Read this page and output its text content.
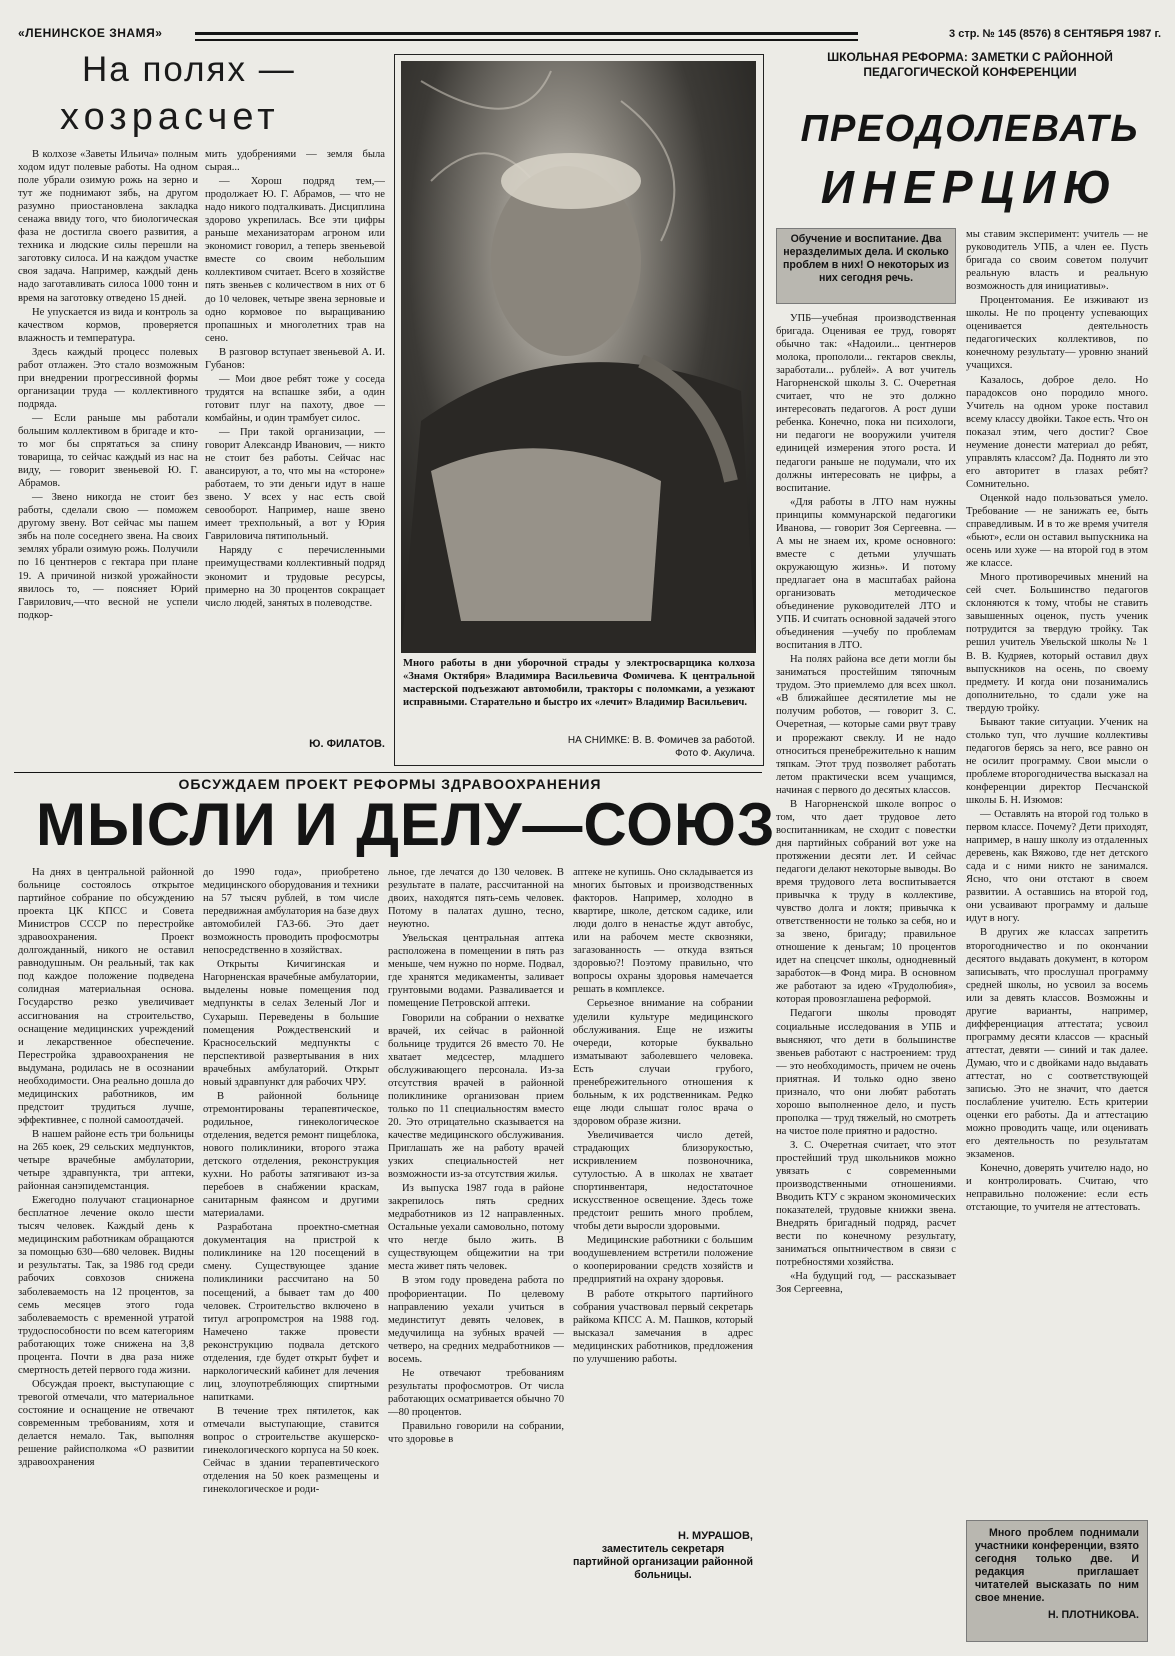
«ЛЕНИНСКОЕ ЗНАМЯ»	3 стр. № 145 (8576) 8 СЕНТЯБРЯ 1987 г.
На полях —
хозрасчет

В колхозе «Заветы Ильича» полным ходом идут полевые работы. На одном поле убрали озимую рожь на зерно и тут же поднимают зябь, на другом разумно приостановлена закладка сенажа ввиду того, что биологическая фаза не достигла своего развития, а техника и людские силы перешли на заготовку силоса. И на каждом участке своя задача. Например, каждый день надо заготавливать силоса 1000 тонн и время на заготовку отведено 15 дней.

Не упускается из вида и контроль за качеством кормов, проверяется влажность и температура.

Здесь каждый процесс полевых работ отлажен. Это стало возможным при внедрении прогрессивной формы организации труда — коллективного подряда.

— Если раньше мы работали большим коллективом в бригаде и кто-то мог бы спрятаться за спину товарища, то сейчас каждый из нас на виду, — говорит звеньевой Ю. Г. Абрамов.

— Звено никогда не стоит без работы, сделали свою — поможем другому звену. Вот сейчас мы пашем зябь на поле соседнего звена. На своих землях убрали озимую рожь. Получили по 16 центнеров с гектара при плане 19. А причиной низкой урожайности явилось то, — поясняет Юрий Гаврилович,—что весной не успели подкор-

мить удобрениями — земля была сырая...

— Хорош подряд тем,— продолжает Ю. Г. Абрамов, — что не надо никого подталкивать. Дисциплина здорово укрепилась. Все эти цифры раньше механизаторам агроном или экономист говорил, а теперь звеньевой вместе со своим небольшим коллективом считает. Всего в хозяйстве пять звеньев с количеством в них от 6 до 10 человек, четыре звена зерновые и одно кормовое по выращиванию пропашных и многолетних трав на сено.

В разговор вступает звеньевой А. И. Губанов:

— Мои двое ребят тоже у соседа трудятся на вспашке зяби, а один готовит плуг на пахоту, двое — комбайны, и один трамбует силос.

— При такой организации, — говорит Александр Иванович, — никто не стоит без работы. Сейчас нас авансируют, а то, что мы на «стороне» работаем, то эти деньги идут в наше звено. У всех у нас есть свой севооборот. Например, наше звено имеет трехпольный, а вот у Юрия Гавриловича пятипольный.

Наряду с перечисленными преимуществами коллективный подряд экономит и трудовые ресурсы, примерно на 30 процентов сокращает число людей, занятых в полеводстве.

Ю. ФИЛАТОВ.
Много работы в дни уборочной страды у электросварщика колхоза «Знамя Октября» Владимира Васильевича Фомичева. К центральной мастерской подъезжают автомобили, тракторы с поломками, а уезжают исправными. Старательно и быстро их «лечит» Владимир Васильевич.
НА СНИМКЕ: В. В. Фомичев за работой.
Фото Ф. Акулича.
ШКОЛЬНАЯ РЕФОРМА: ЗАМЕТКИ С РАЙОННОЙ ПЕДАГОГИЧЕСКОЙ КОНФЕРЕНЦИИ
ПРЕОДОЛЕВАТЬ
ИНЕРЦИЮ
Обучение и воспитание. Два неразделимых дела. И сколько проблем в них! О некоторых из них сегодня речь.

УПБ—учебная производственная бригада. Оценивая ее труд, говорят обычно так: «Надоили... центнеров молока, пропололи... гектаров свеклы, заработали... рублей». А вот учитель Нагорненской школы З. С. Очеретная считает, что не это должно интересовать педагогов. А рост души ребенка. Конечно, пока ни психологи, ни педагоги не вооружили учителя единицей измерения этого роста. И педагоги раньше не подумали, что их должны интересовать не цифры, а воспитание.

«Для работы в ЛТО нам нужны принципы коммунарской педагогики Иванова, — говорит Зоя Сергеевна. — А мы не знаем их, кроме основного: вместе с детьми улучшать окружающую жизнь». И потому предлагает она в масштабах района организовать методическое объединение руководителей ЛТО и УПБ. И считать основной задачей этого объединения —учебу по проблемам воспитания в ЛТО.

На полях района все дети могли бы заниматься простейшим тяпочным трудом. Это приемлемо для всех школ. «В ближайшее десятилетие мы не получим роботов, — говорит З. С. Очеретная, — которые сами рвут траву и прорежают свеклу. И не надо относиться пренебрежительно к нашим тяпкам. Этот труд позволяет работать летом практически всем учащимся, начиная с первого до десятых классов.

В Нагорненской школе вопрос о том, что дает трудовое лето воспитанникам, не сходит с повестки дня партийных собраний вот уже на протяжении десяти лет. И сейчас педагоги делают некоторые выводы. Во время трудового лета воспитывается привычка к труду в коллективе, чувство долга и локтя; привычка к ответственности не только за себя, но и за звено, бригаду; правильное отношение к деньгам; 10 процентов идет на спецсчет школы, однодневный заработок—в Фонд мира. В основном же работают за идею «Трудолюбия», которая провозглашена реформой.

Педагоги школы проводят социальные исследования в УПБ и выясняют, что дети в большинстве звеньев работают с настроением: труд — это необходимость, причем не очень приятная. И только одно звено признало, что они любят работать хорошо выполненное дело, и пусть прополка — труд тяжелый, но смотреть на чистое поле приятно и радостно.

З. С. Очеретная считает, что этот простейший труд школьников можно увязать с современными производственными отношениями. Вводить КТУ с экраном экономических показателей, трудовые книжки звена. Внедрять бригадный подряд, расчет вести по конечному результату, заниматься опытничеством в связи с потребностями хозяйства.

«На будущий год, — рассказывает Зоя Сергеевна,

мы ставим эксперимент: учитель — не руководитель УПБ, а член ее. Пусть бригада со своим советом получит реальную власть и реальную возможность для инициативы».

Процентомания. Ее изживают из школы. Не по проценту успевающих оценивается деятельность педагогических коллективов, по конечному результату— уровню знаний учащихся.

Казалось, доброе дело. Но парадоксов оно породило много. Учитель на одном уроке поставил всему классу двойки. Такое есть. Что он показал этим, чего достиг? Свое неумение донести материал до ребят, управлять классом? Да. Поднято ли это его авторитет в глазах ребят? Сомнительно.

Оценкой надо пользоваться умело. Требование — не занижать ее, быть справедливым. И в то же время учителя «бьют», если он оставил выпускника на осень или хуже — на второй год в этом же классе.

Много противоречивых мнений на сей счет. Большинство педагогов склоняются к тому, чтобы не ставить завышенных оценок, пусть ученик потрудится за твердую тройку. Так решил учитель Увельской школы № 1 В. В. Кудряев, который оставил двух выпускников на осень, по своему предмету. И когда они позанимались дополнительно, то сдали уже на твердую тройку.

Бывают такие ситуации. Ученик на столько туп, что лучшие коллективы педагогов берясь за него, все равно он не осилит программу. Свои мысли о проблеме второгодничества высказал на конференции директор Песчанской школы Б. Н. Изюмов:

— Оставлять на второй год только в первом классе. Почему? Дети приходят, например, в нашу школу из отдаленных деревень, как Вяжово, где нет детского сада и с ними никто не занимался. Ясно, что они отстают в своем развитии. А оставшись на второй год, они усваивают программу и дальше идут в ногу.

В других же классах запретить второгодничество и по окончании десятого выдавать документ, в котором записывать, что прослушал программу средней школы, но усвоил за восемь или за девять классов. Возможны и другие варианты, например, дифференциация аттестата; усвоил программу десяти классов — красный аттестат, девяти — синий и так далее. Думаю, что и с двойками надо выдавать аттестат, но с соответствующей записью. Это не значит, что дается послабление учителю. Есть критерии оценки его работы. Да и аттестацию можно проводить чаще, или оценивать его деятельность по результатам экзаменов.

Конечно, доверять учителю надо, но и контролировать. Считаю, что неправильно положение: если есть отстающие, то учителя не аттестовать.

Много проблем поднимали участники конференции, взято сегодня только две. И редакция приглашает читателей высказать по ним свое мнение.
Н. ПЛОТНИКОВА.
ОБСУЖДАЕМ ПРОЕКТ РЕФОРМЫ ЗДРАВООХРАНЕНИЯ
МЫСЛИ И ДЕЛУ—СОЮЗ

На днях в центральной районной больнице состоялось открытое партийное собрание по обсуждению проекта ЦК КПСС и Совета Министров СССР по перестройке здравоохранения. Проект долгожданный, никого не оставил равнодушным. Он реальный, так как под каждое положение подведена солидная материальная основа. Государство резко увеличивает ассигнования на строительство, оснащение медицинских учреждений и лекарственное обеспечение. Перестройка здравоохранения не выдумана, родилась не в осознании необходимости. Она реально дошла до медицинских работников, им предстоит трудиться лучше, эффективнее, с полной самоотдачей.

В нашем районе есть три больницы на 265 коек, 29 сельских медпунктов, четыре врачебные амбулатории, четыре здравпункта, три аптеки, районная санэпидемстанция.

Ежегодно получают стационарное бесплатное лечение около шести тысяч человек. Каждый день к медицинским работникам обращаются за помощью 630—680 человек. Видны и результаты. Так, за 1986 год среди рабочих совхозов снижена заболеваемость на 12 процентов, за семь месяцев этого года заболеваемость с временной утратой трудоспособности по всем категориям работающих тоже снижена на 3,8 процента. Почти в два раза ниже смертность детей первого года жизни.

Обсуждая проект, выступающие с тревогой отмечали, что материальное состояние и оснащение не отвечают современным требованиям, хотя и делается немало. Так, выполняя решение райисполкома «О развитии здравоохранения

до 1990 года», приобретено медицинского оборудования и техники на 57 тысяч рублей, в том числе передвижная амбулатория на базе двух автомобилей ГАЗ-66. Это дает возможность проводить профосмотры непосредственно в хозяйствах.

Открыты Кичигинская и Нагорненская врачебные амбулатории, выделены новые помещения под медпункты в селах Зеленый Лог и Сухарыш. Переведены в большие помещения Рождественский и Красносельский медпункты с перспективой развертывания в них врачебных амбулаторий. Открыт новый здравпункт для рабочих ЧРУ.

В районной больнице отремонтированы терапевтическое, родильное, гинекологическое отделения, ведется ремонт пищеблока, нового поликлиники, второго этажа детского отделения, реконструкция кухни. Но работы затягивают из-за перебоев в снабжении краскам, санитарным фаянсом и другими материалами.

Разработана проектно-сметная документация на пристрой к поликлинике на 120 посещений в смену. Существующее здание поликлиники рассчитано на 50 посещений, а бывает там до 400 человек. Строительство включено в титул агропромстроя на 1988 год. Намечено также провести реконструкцию подвала детского отделения, где будет открыт буфет и наркологический кабинет для лечения лиц, злоупотребляющих спиртными напитками.

В течение трех пятилеток, как отмечали выступающие, ставится вопрос о строительстве акушерско-гинекологического корпуса на 50 коек. Сейчас в здании терапевтического отделения на 50 коек размещены и гинекологическое и роди-

льное, где лечатся до 130 человек. В результате в палате, рассчитанной на двоих, находятся пять-семь человек. Потому в палатах душно, тесно, неуютно.

Увельская центральная аптека расположена в помещении в пять раз меньше, чем нужно по норме. Подвал, где хранятся медикаменты, заливает грунтовыми водами. Разваливается и помещение Петровской аптеки.

Говорили на собрании о нехватке врачей, их сейчас в районной больнице трудится 26 вместо 70. Не хватает медсестер, младшего обслуживающего персонала. Из-за отсутствия врачей в районной поликлинике организован прием только по 11 специальностям вместо 20. Это отрицательно сказывается на качестве медицинского обслуживания. Приглашать же на работу врачей узких специальностей нет возможности из-за отсутствия жилья.

Из выпуска 1987 года в районе закрепилось пять средних медработников из 12 направленных. Остальные уехали самовольно, потому что негде было жить. В существующем общежитии на три места живет пять человек.

В этом году проведена работа по профориентации. По целевому направлению уехали учиться в мединститут девять человек, в медучилища на зубных врачей —четверо, на средних медработников — восемь.

Не отвечают требованиям результаты профосмотров. От числа работающих осматривается обычно 70—80 процентов.

Правильно говорили на собрании, что здоровье в

аптеке не купишь. Оно складывается из многих бытовых и производственных факторов. Например, холодно в квартире, школе, детском садике, или люди долго в ненастье ждут автобус, или на рабочем месте сквозняки, загазованность — откуда взяться здоровью?! Поэтому правильно, что вопросы охраны здоровья намечается решать в комплексе.

Серьезное внимание на собрании уделили культуре медицинского обслуживания. Еще не изжиты очереди, которые буквально изматывают заболевшего человека. Есть случаи грубого, пренебрежительного отношения к больным, к их родственникам. Редко еще люди слышат голос врача о здоровом образе жизни.

Увеличивается число детей, страдающих близорукостью, искривлением позвоночника, сутулостью. А в школах не хватает спортинвентаря, недостаточное искусственное освещение. Здесь тоже предстоит решить много проблем, чтобы дети выросли здоровыми.

Медицинские работники с большим воодушевлением встретили положение о кооперировании средств хозяйств и предприятий на охрану здоровья.

В работе открытого партийного собрания участвовал первый секретарь райкома КПСС А. М. Пашков, который высказал замечания в адрес медицинских работников, предложения по улучшению работы.

Н. МУРАШОВ,
заместитель секретаря партийной организации районной больницы.
